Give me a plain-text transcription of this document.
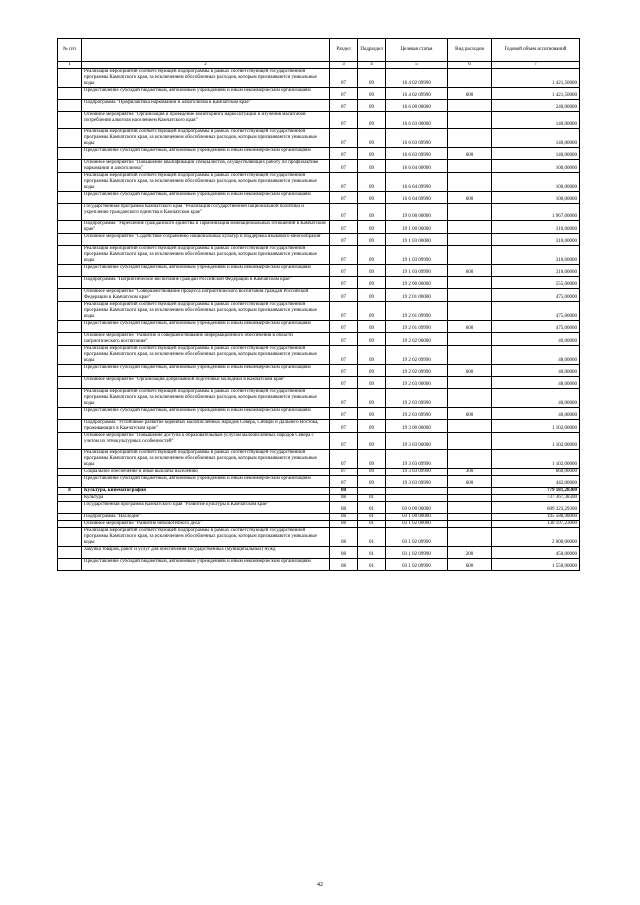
№ п/п		Раздел	Подраздел	Целевая статья	Вид расходов	Годовой объем ассигнований
1	2	3	4	5	6	7
	Реализация мероприятий соответствующей подпрограммы в рамках соответствующей государственной программы Камчатского края, за исключением обособленных расходов, которым присваиваются уникальные коды	07	09	16 4 02 09990		1 421,50000
	Предоставление субсидий бюджетным, автономным учреждениям и иным некоммерческим организациям	07	09	16 4 02 09990	600	1 421,50000
	Подпрограмма "Профилактика наркомании и алкоголизма в Камчатском крае"	07	09	16 6 00 00000		240,00000
	Основное мероприятие "Организация и проведение мониторинга наркоситуации и изучения масштабов потребления алкоголя населением Камчатского края"	07	09	16 6 03 00000		140,00000
	Реализация мероприятий соответствующей подпрограммы в рамках соответствующей государственной программы Камчатского края, за исключением обособленных расходов, которым присваиваются уникальные коды	07	09	16 6 03 09990		140,00000
	Предоставление субсидий бюджетным, автономным учреждениям и иным некоммерческим организациям	07	09	16 6 03 09990	600	140,00000
	Основное мероприятие "Повышение квалификации специалистов, осуществляющих работу по профилактике наркомании и алкоголизма"	07	09	16 6 04 00000		100,00000
	Реализация мероприятий соответствующей подпрограммы в рамках соответствующей государственной программы Камчатского края, за исключением обособленных расходов, которым присваиваются уникальные коды	07	09	16 6 04 09990		100,00000
	Предоставление субсидий бюджетным, автономным учреждениям и иным некоммерческим организациям	07	09	16 6 04 09990	600	100,00000
	Государственная программа Камчатского края "Реализация государственной национальной политики и укрепление гражданского единства в Камчатском крае"	07	09	19 0 00 00000		1 967,00000
	Подпрограмма "Укрепление гражданского единства и гармонизация межнациональных отношений в Камчатском крае"	07	09	19 1 00 00000		310,00000
	Основное мероприятие "Содействие сохранению национальных культур и поддержка языкового многообразия"	07	09	19 1 03 00000		310,00000
	Реализация мероприятий соответствующей подпрограммы в рамках соответствующей государственной программы Камчатского края, за исключением обособленных расходов, которым присваиваются уникальные коды	07	09	19 1 03 09990		310,00000
	Предоставление субсидий бюджетным, автономным учреждениям и иным некоммерческим организациям	07	09	19 1 03 09990	600	310,00000
	Подпрограмма "Патриотическое воспитание граждан Российской Федерации в Камчатском крае"	07	09	19 2 00 00000		555,00000
	Основное мероприятие "Совершенствование процесса патриотического воспитания граждан Российской Федерации в Камчатском крае"	07	09	19 2 01 00000		475,00000
	Реализация мероприятий соответствующей подпрограммы в рамках соответствующей государственной программы Камчатского края, за исключением обособленных расходов, которым присваиваются уникальные коды	07	09	19 2 01 09990		475,00000
	Предоставление субсидий бюджетным, автономным учреждениям и иным некоммерческим организациям	07	09	19 2 01 09990	600	475,00000
	Основное мероприятие "Развитие и совершенствование информационного обеспечения в области патриотического воспитания"	07	09	19 2 02 00000		40,00000
	Реализация мероприятий соответствующей подпрограммы в рамках соответствующей государственной программы Камчатского края, за исключением обособленных расходов, которым присваиваются уникальные коды	07	09	19 2 02 09990		40,00000
	Предоставление субсидий бюджетным, автономным учреждениям и иным некоммерческим организациям	07	09	19 2 02 09990	600	40,00000
	Основное мероприятие "Организация допризывной подготовки молодежи в Камчатском крае"	07	09	19 2 03 00000		40,00000
	Реализация мероприятий соответствующей подпрограммы в рамках соответствующей государственной программы Камчатского края, за исключением обособленных расходов, которым присваиваются уникальные коды	07	09	19 2 03 09990		40,00000
	Предоставление субсидий бюджетным, автономным учреждениям и иным некоммерческим организациям	07	09	19 2 03 09990	600	40,00000
	Подпрограмма "Устойчивое развитие коренных малочисленных народов Севера, Сибири и Дальнего Востока, проживающих в Камчатском крае"	07	09	19 3 00 00000		1 102,00000
	Основное мероприятие "Повышение доступа к образовательным услугам малочисленных народов Севера с учетом их этнокультурных особенностей"	07	09	19 3 03 00000		1 102,00000
	Реализация мероприятий соответствующей подпрограммы в рамках соответствующей государственной программы Камчатского края, за исключением обособленных расходов, которым присваиваются уникальные коды	07	09	19 3 03 09990		1 102,00000
	Социальное обеспечение и иные выплаты населению	07	09	19 3 03 09990	300	660,00000
	Предоставление субсидий бюджетным, автономным учреждениям и иным некоммерческим организациям	07	09	19 3 03 09990	600	442,00000
8	Культура, кинематография	08				779 181,28300
	Культура	08	01			737 367,38300
	Государственная программа Камчатского края "Развитие культуры в Камчатском крае"	08	01	03 0 00 00000		609 323,29300
	Подпрограмма "Наследие"	08	01	03 1 00 00000		195 588,98000
	Основное мероприятие "Развитие библиотечного дела"	08	01	03 1 02 00000		130 197,23000
	Реализация мероприятий соответствующей подпрограммы в рамках соответствующей государственной программы Камчатского края, за исключением обособленных расходов, которым присваиваются уникальные коды	08	01	03 1 02 09990		2 000,00000
	Закупка товаров, работ и услуг для обеспечения государственных (муниципальных) нужд	08	01	03 1 02 09990	200	450,00000
	Предоставление субсидий бюджетным, автономным учреждениям и иным некоммерческим организациям	08	01	03 1 02 09990	600	1 550,00000
42
